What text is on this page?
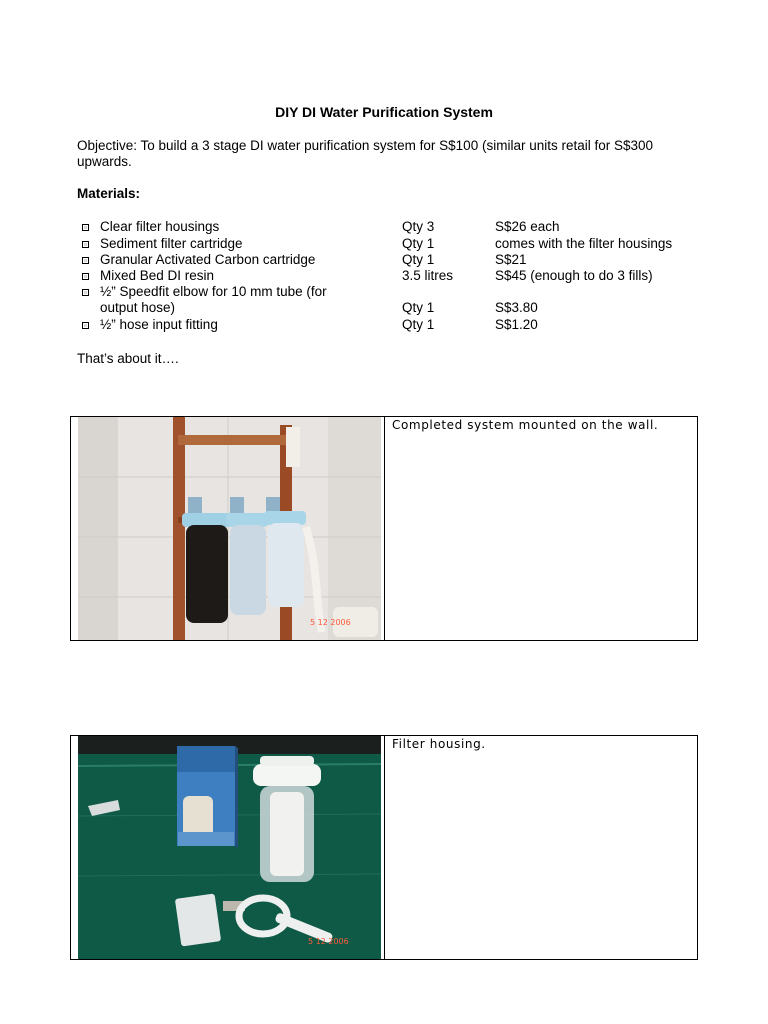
DIY DI Water Purification System
Objective: To build a 3 stage DI water purification system for S$100 (similar units retail for S$300 upwards.
Materials:
Clear filter housings	Qty 3	S$26 each
Sediment filter cartridge	Qty 1	comes with the filter housings
Granular Activated Carbon cartridge	Qty 1	S$21
Mixed Bed DI resin	3.5 litres	S$45 (enough to do 3 fills)
½” Speedfit elbow for 10 mm tube (for output hose)	Qty 1	S$3.80
½” hose input fitting	Qty 1	S$1.20
That’s about it….
5 12 2006
Completed system mounted on the wall.
5 12 2006
Filter housing.
